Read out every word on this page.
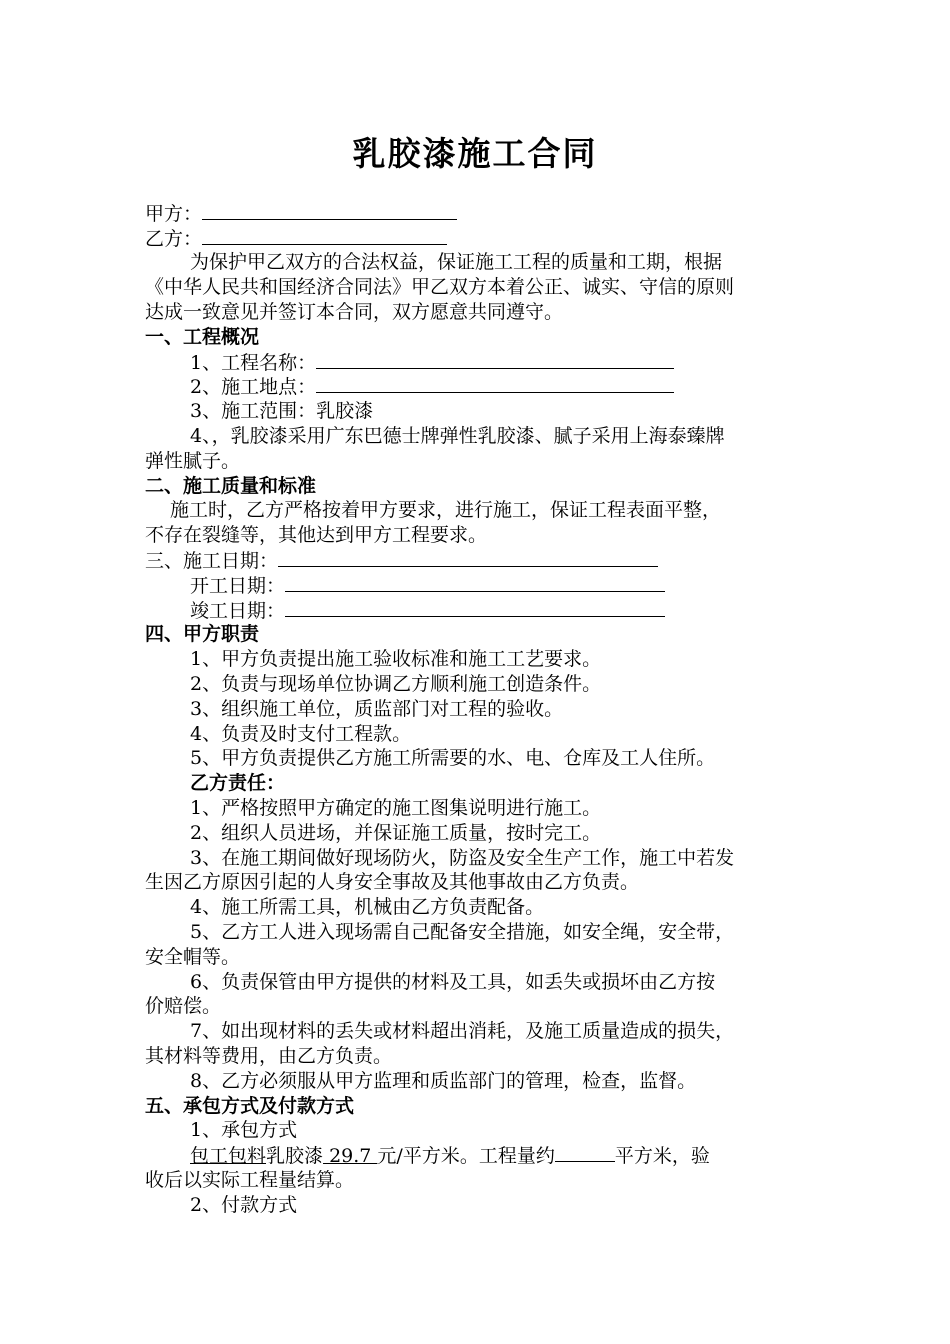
乳胶漆施工合同
甲方：
乙方：
为保护甲乙双方的合法权益，保证施工工程的质量和工期，根据
《中华人民共和国经济合同法》甲乙双方本着公正、诚实、守信的原则
达成一致意见并签订本合同，双方愿意共同遵守。
一、工程概况
1、工程名称：
2、施工地点：
3、施工范围：乳胶漆
4、，乳胶漆采用广东巴德士牌弹性乳胶漆、腻子采用上海泰臻牌
弹性腻子。
二、施工质量和标准
施工时，乙方严格按着甲方要求，进行施工，保证工程表面平整，
不存在裂缝等，其他达到甲方工程要求。
三、施工日期：
开工日期：
竣工日期：
四、甲方职责
1、甲方负责提出施工验收标准和施工工艺要求。
2、负责与现场单位协调乙方顺利施工创造条件。
3、组织施工单位，质监部门对工程的验收。
4、负责及时支付工程款。
5、甲方负责提供乙方施工所需要的水、电、仓库及工人住所。
乙方责任：
1、严格按照甲方确定的施工图集说明进行施工。
2、组织人员进场，并保证施工质量，按时完工。
3、在施工期间做好现场防火，防盗及安全生产工作，施工中若发
生因乙方原因引起的人身安全事故及其他事故由乙方负责。
4、施工所需工具，机械由乙方负责配备。
5、乙方工人进入现场需自己配备安全措施，如安全绳，安全带，
安全帽等。
6、负责保管由甲方提供的材料及工具，如丢失或损坏由乙方按
价赔偿。
7、如出现材料的丢失或材料超出消耗，及施工质量造成的损失，
其材料等费用，由乙方负责。
8、乙方必须服从甲方监理和质监部门的管理，检查，监督。
五、承包方式及付款方式
1、承包方式
包工包料乳胶漆 29.7 元/平方米。工程量约	平方米，验
收后以实际工程量结算。
2、付款方式
